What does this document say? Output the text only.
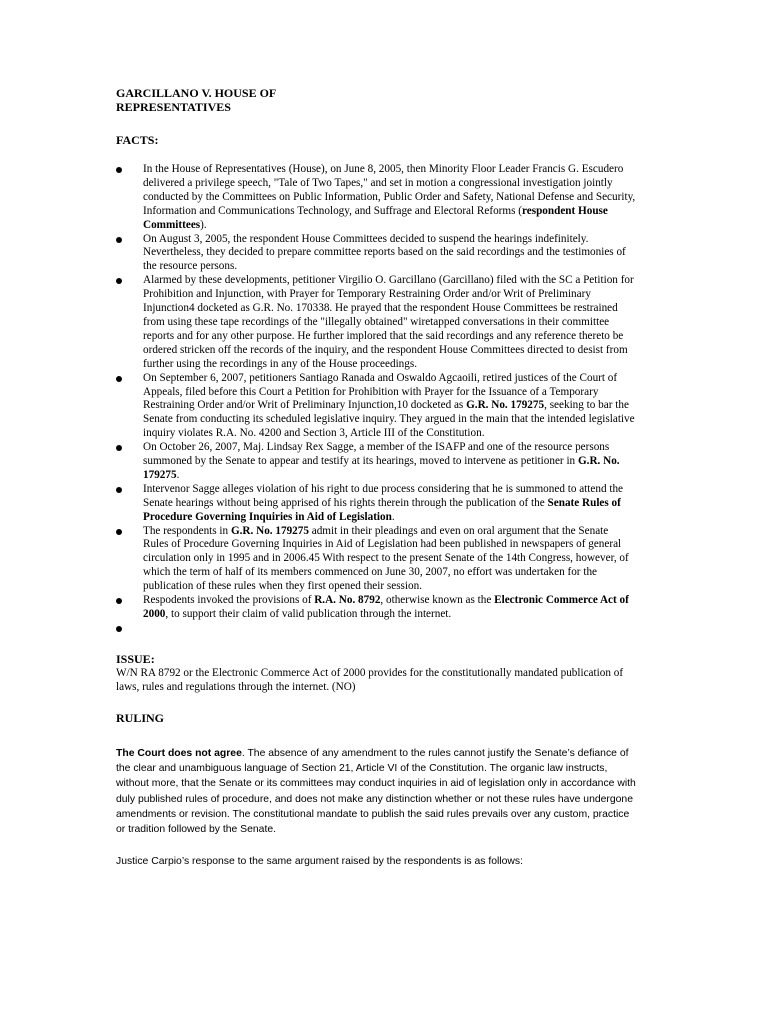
GARCILLANO V. HOUSE OF

REPRESENTATIVES

FACTS:

In the House of Representatives (House), on June 8, 2005, then Minority Floor Leader Francis G. Escudero delivered a privilege speech, "Tale of Two Tapes," and set in motion a congressional investigation jointly conducted by the Committees on Public Information, Public Order and Safety, National Defense and Security, Information and Communications Technology, and Suffrage and Electoral Reforms (respondent House Committees).
On August 3, 2005, the respondent House Committees decided to suspend the hearings indefinitely. Nevertheless, they decided to prepare committee reports based on the said recordings and the testimonies of the resource persons.
Alarmed by these developments, petitioner Virgilio O. Garcillano (Garcillano) filed with the SC a Petition for Prohibition and Injunction, with Prayer for Temporary Restraining Order and/or Writ of Preliminary Injunction4 docketed as G.R. No. 170338. He prayed that the respondent House Committees be restrained from using these tape recordings of the "illegally obtained" wiretapped conversations in their committee reports and for any other purpose. He further implored that the said recordings and any reference thereto be ordered stricken off the records of the inquiry, and the respondent House Committees directed to desist from further using the recordings in any of the House proceedings.
On September 6, 2007, petitioners Santiago Ranada and Oswaldo Agcaoili, retired justices of the Court of Appeals, filed before this Court a Petition for Prohibition with Prayer for the Issuance of a Temporary Restraining Order and/or Writ of Preliminary Injunction,10 docketed as G.R. No. 179275, seeking to bar the Senate from conducting its scheduled legislative inquiry. They argued in the main that the intended legislative inquiry violates R.A. No. 4200 and Section 3, Article III of the Constitution.
On October 26, 2007, Maj. Lindsay Rex Sagge, a member of the ISAFP and one of the resource persons summoned by the Senate to appear and testify at its hearings, moved to intervene as petitioner in G.R. No. 179275.
Intervenor Sagge alleges violation of his right to due process considering that he is summoned to attend the Senate hearings without being apprised of his rights therein through the publication of the Senate Rules of Procedure Governing Inquiries in Aid of Legislation.
The respondents in G.R. No. 179275 admit in their pleadings and even on oral argument that the Senate Rules of Procedure Governing Inquiries in Aid of Legislation had been published in newspapers of general circulation only in 1995 and in 2006.45 With respect to the present Senate of the 14th Congress, however, of which the term of half of its members commenced on June 30, 2007, no effort was undertaken for the publication of these rules when they first opened their session.
Respodents invoked the provisions of R.A. No. 8792, otherwise known as the Electronic Commerce Act of 2000, to support their claim of valid publication through the internet.

ISSUE:

W/N RA 8792 or the Electronic Commerce Act of 2000 provides for the constitutionally mandated publication of laws, rules and regulations through the internet. (NO)

RULING

The Court does not agree. The absence of any amendment to the rules cannot justify the Senate’s defiance of the clear and unambiguous language of Section 21, Article VI of the Constitution. The organic law instructs, without more, that the Senate or its committees may conduct inquiries in aid of legislation only in accordance with duly published rules of procedure, and does not make any distinction whether or not these rules have undergone amendments or revision. The constitutional mandate to publish the said rules prevails over any custom, practice or tradition followed by the Senate.

Justice Carpio’s response to the same argument raised by the respondents is as follows:
